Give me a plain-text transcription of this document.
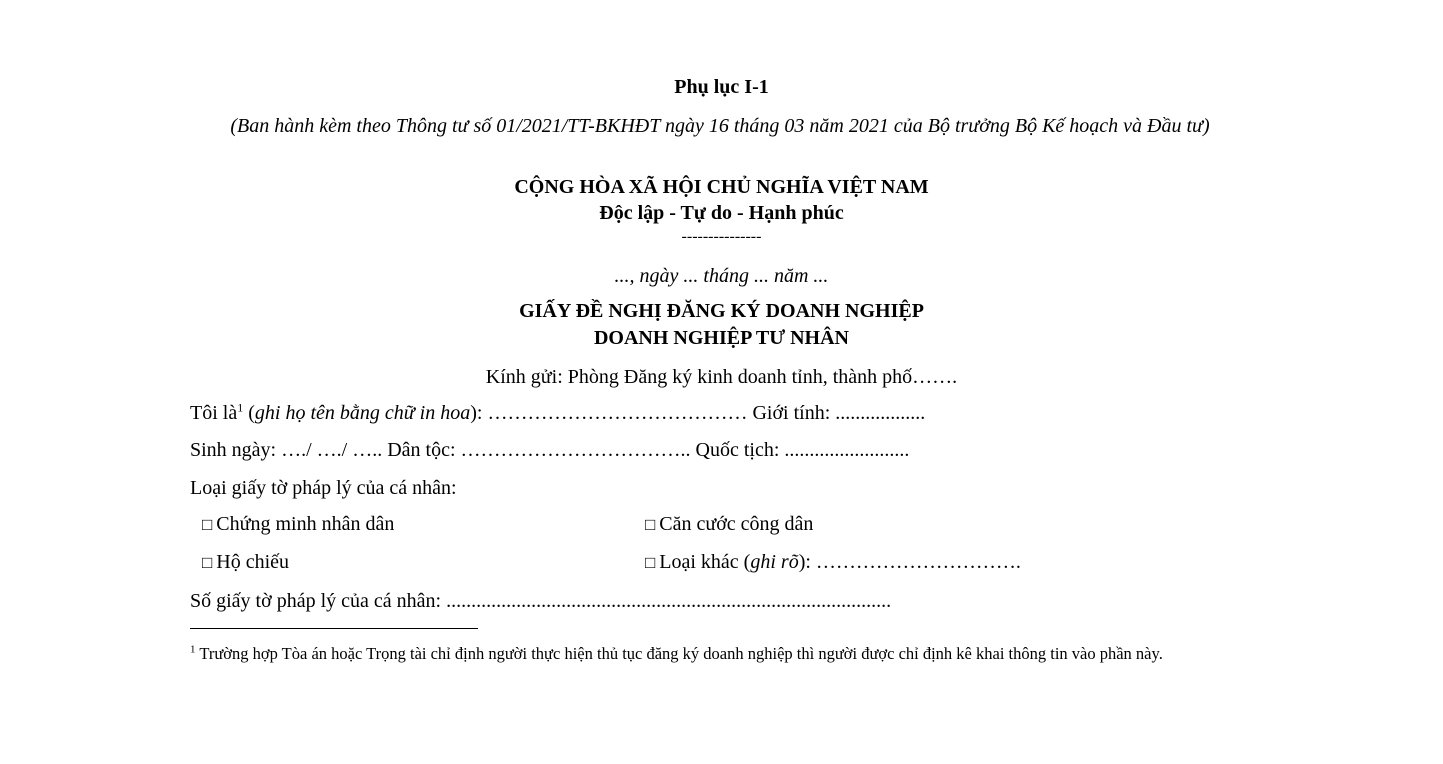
Phụ lục I-1
(Ban hành kèm theo Thông tư số 01/2021/TT-BKHĐT ngày 16 tháng 03 năm 2021 của Bộ trưởng Bộ Kế hoạch và Đầu tư)
CỘNG HÒA XÃ HỘI CHỦ NGHĨA VIỆT NAM
Độc lập - Tự do - Hạnh phúc
---------------
..., ngày ... tháng ... năm ...
GIẤY ĐỀ NGHỊ ĐĂNG KÝ DOANH NGHIỆP
DOANH NGHIỆP TƯ NHÂN
Kính gửi: Phòng Đăng ký kinh doanh tỉnh, thành phố…….
Tôi $là^1$ (ghi họ tên bằng chữ in hoa): ………………………………… Giới tính: ..................
Sinh ngày: …./ …./ ….. Dân tộc: …………………………….. Quốc tịch: .........................
Loại giấy tờ pháp lý của cá nhân:
□ Chứng minh nhân dân	□ Căn cước công dân
□ Hộ chiếu	□ Loại khác (ghi rõ): ………………………….
Số giấy tờ pháp lý của cá nhân: .........................................................................................
$^1$ Trường hợp Tòa án hoặc Trọng tài chỉ định người thực hiện thủ tục đăng ký doanh nghiệp thì người được chỉ định kê khai thông tin vào phần này.
